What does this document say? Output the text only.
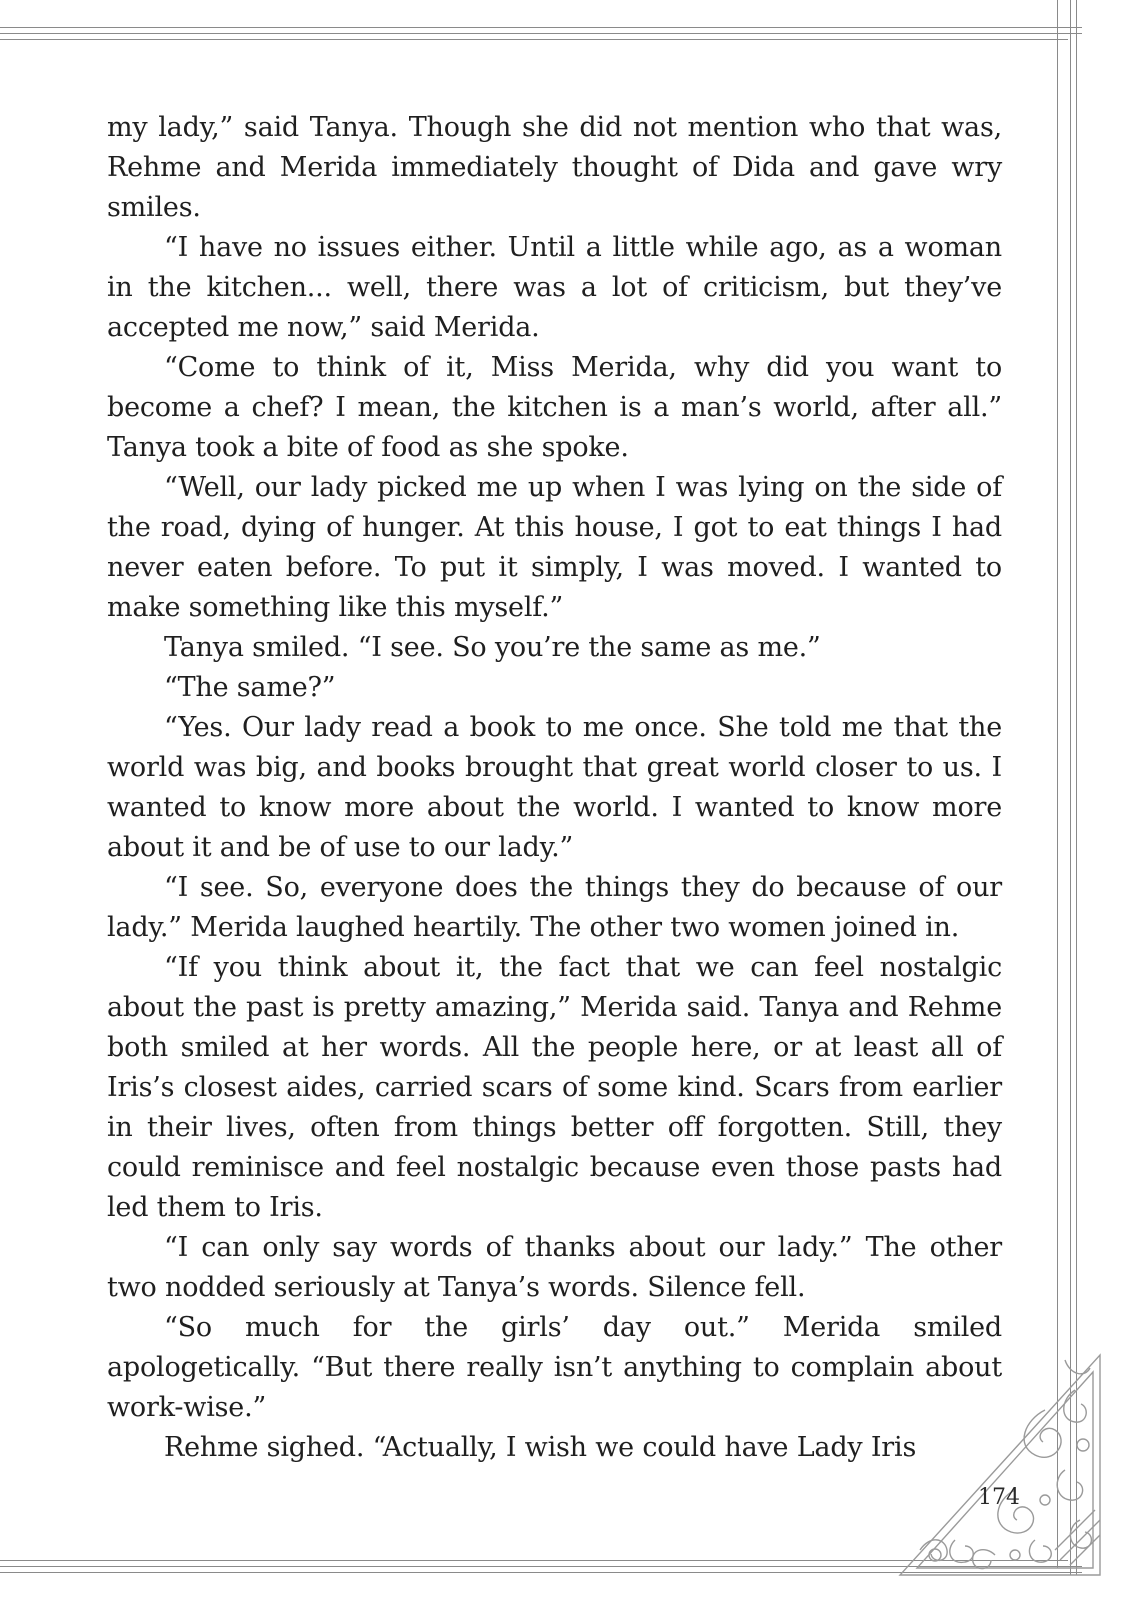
my lady,” said Tanya. Though she did not mention who that was, Rehme and Merida immediately thought of Dida and gave wry smiles.

“I have no issues either. Until a little while ago, as a woman in the kitchen... well, there was a lot of criticism, but they’ve accepted me now,” said Merida.

“Come to think of it, Miss Merida, why did you want to become a chef? I mean, the kitchen is a man’s world, after all.” Tanya took a bite of food as she spoke.

“Well, our lady picked me up when I was lying on the side of the road, dying of hunger. At this house, I got to eat things I had never eaten before. To put it simply, I was moved. I wanted to make something like this myself.”

Tanya smiled. “I see. So you’re the same as me.”

“The same?”

“Yes. Our lady read a book to me once. She told me that the world was big, and books brought that great world closer to us. I wanted to know more about the world. I wanted to know more about it and be of use to our lady.”

“I see. So, everyone does the things they do because of our lady.” Merida laughed heartily. The other two women joined in.

“If you think about it, the fact that we can feel nostalgic about the past is pretty amazing,” Merida said. Tanya and Rehme both smiled at her words. All the people here, or at least all of Iris’s closest aides, carried scars of some kind. Scars from earlier in their lives, often from things better off forgotten. Still, they could reminisce and feel nostalgic because even those pasts had led them to Iris.

“I can only say words of thanks about our lady.” The other two nodded seriously at Tanya’s words. Silence fell.

“So much for the girls’ day out.” Merida smiled apologetically. “But there really isn’t anything to complain about work-wise.”

Rehme sighed. “Actually, I wish we could have Lady Iris

174
